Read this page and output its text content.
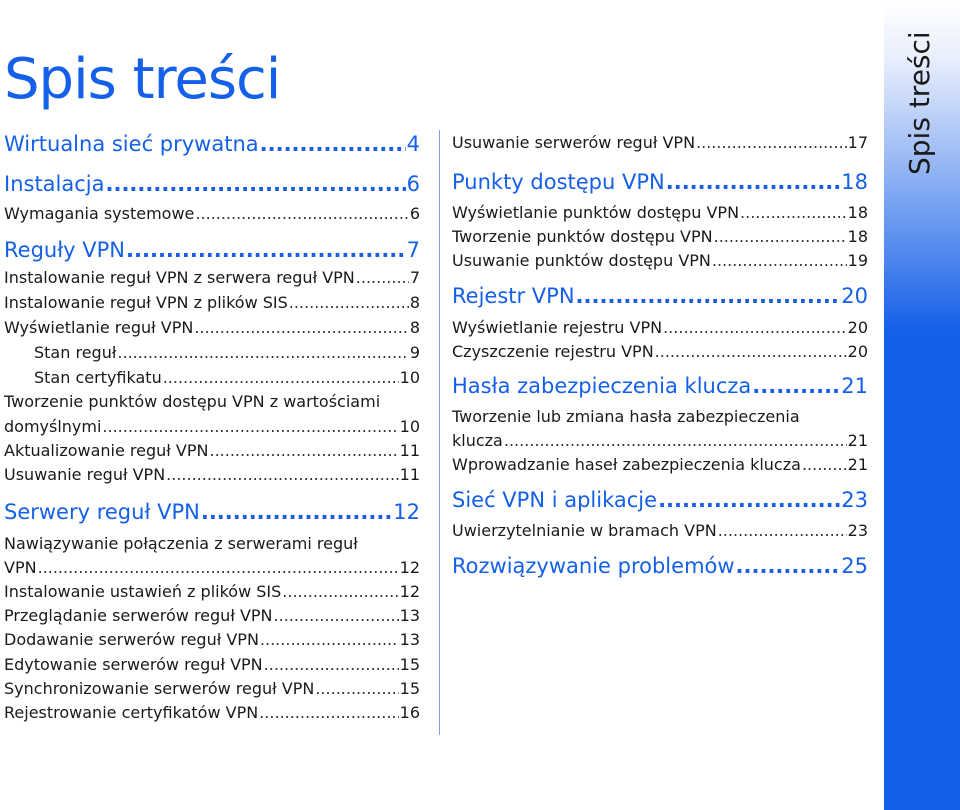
Spis treści
Wirtualna sieć prywatna .....	4
Instalacja .....	6
Wymagania systemowe .....	6
Reguły VPN .....	7
Instalowanie reguł VPN z serwera reguł VPN .....	7
Instalowanie reguł VPN z plików SIS .....	8
Wyświetlanie reguł VPN .....	8
Stan reguł .....	9
Stan certyfikatu .....	10
Tworzenie punktów dostępu VPN z wartościami
domyślnymi .....	10
Aktualizowanie reguł VPN .....	11
Usuwanie reguł VPN .....	11
Serwery reguł VPN .....	12
Nawiązywanie połączenia z serwerami reguł
VPN .....	12
Instalowanie ustawień z plików SIS .....	12
Przeglądanie serwerów reguł VPN .....	13
Dodawanie serwerów reguł VPN .....	13
Edytowanie serwerów reguł VPN .....	15
Synchronizowanie serwerów reguł VPN .....	15
Rejestrowanie certyfikatów VPN .....	16
Usuwanie serwerów reguł VPN .....	17
Punkty dostępu VPN .....	18
Wyświetlanie punktów dostępu VPN .....	18
Tworzenie punktów dostępu VPN .....	18
Usuwanie punktów dostępu VPN .....	19
Rejestr VPN .....	20
Wyświetlanie rejestru VPN .....	20
Czyszczenie rejestru VPN .....	20
Hasła zabezpieczenia klucza .....	21
Tworzenie lub zmiana hasła zabezpieczenia
klucza .....	21
Wprowadzanie haseł zabezpieczenia klucza .....	21
Sieć VPN i aplikacje .....	23
Uwierzytelnianie w bramach VPN .....	23
Rozwiązywanie problemów .....	25
Spis treści
